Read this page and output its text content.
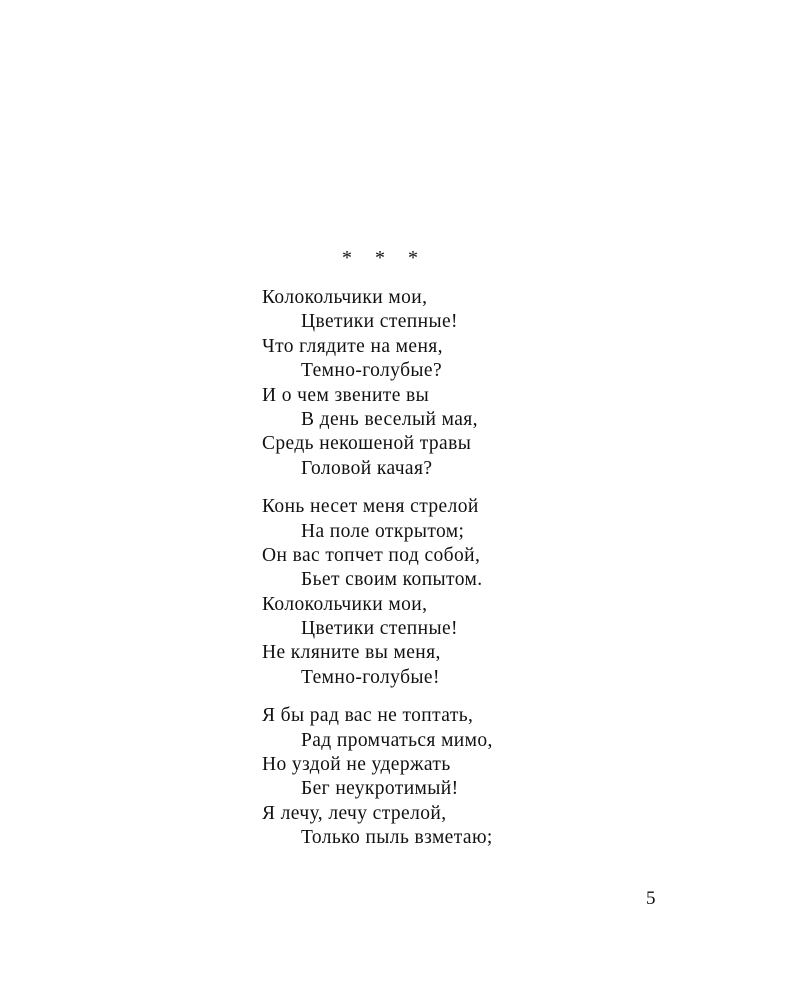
* * *
Колокольчики мои,
Цветики степные!
Что глядите на меня,
Темно-голубые?
И о чем звените вы
В день веселый мая,
Средь некошеной травы
Головой качая?
Конь несет меня стрелой
На поле открытом;
Он вас топчет под собой,
Бьет своим копытом.
Колокольчики мои,
Цветики степные!
Не кляните вы меня,
Темно-голубые!
Я бы рад вас не топтать,
Рад промчаться мимо,
Но уздой не удержать
Бег неукротимый!
Я лечу, лечу стрелой,
Только пыль взметаю;
5
